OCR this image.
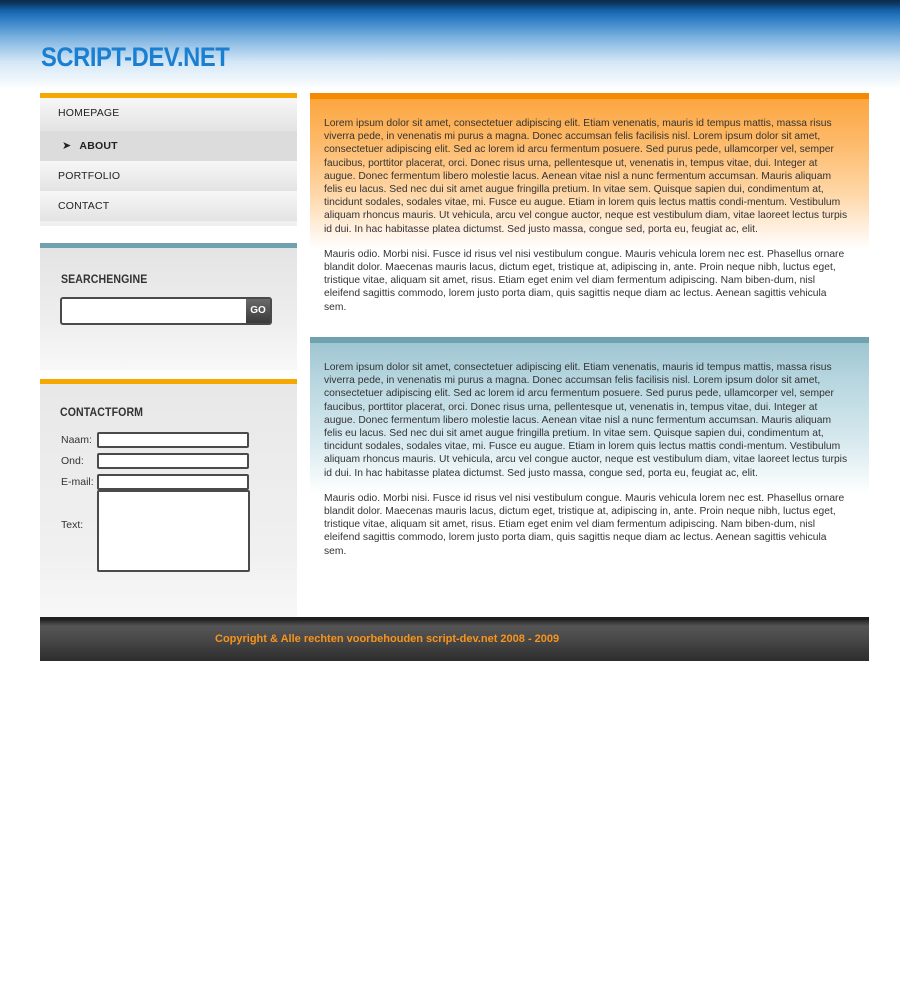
SCRIPT-DEV.NET
HOMEPAGE
➤ ABOUT
PORTFOLIO
CONTACT
SEARCHENGINE
GO
CONTACTFORM
Naam:
Ond:
E-mail:
Text:

Lorem ipsum dolor sit amet, consectetuer adipiscing elit. Etiam venenatis, mauris id tempus mattis, massa risus viverra pede, in venenatis mi purus a magna. Donec accumsan felis facilisis nisl. Lorem ipsum dolor sit amet, consectetuer adipiscing elit. Sed ac lorem id arcu fermentum posuere. Sed purus pede, ullamcorper vel, semper faucibus, porttitor placerat, orci. Donec risus urna, pellentesque ut, venenatis in, tempus vitae, dui. Integer at augue. Donec fermentum libero molestie lacus. Aenean vitae nisl a nunc fermentum accumsan. Mauris aliquam felis eu lacus. Sed nec dui sit amet augue fringilla pretium. In vitae sem. Quisque sapien dui, condimentum at, tincidunt sodales, sodales vitae, mi. Fusce eu augue. Etiam in lorem quis lectus mattis condi-mentum. Vestibulum aliquam rhoncus mauris. Ut vehicula, arcu vel congue auctor, neque est vestibulum diam, vitae laoreet lectus turpis id dui. In hac habitasse platea dictumst. Sed justo massa, congue sed, porta eu, feugiat ac, elit.

Mauris odio. Morbi nisi. Fusce id risus vel nisi vestibulum congue. Mauris vehicula lorem nec est. Phasellus ornare blandit dolor. Maecenas mauris lacus, dictum eget, tristique at, adipiscing in, ante. Proin neque nibh, luctus eget, tristique vitae, aliquam sit amet, risus. Etiam eget enim vel diam fermentum adipiscing. Nam biben-dum, nisl eleifend sagittis commodo, lorem justo porta diam, quis sagittis neque diam ac lectus. Aenean sagittis vehicula sem.

Lorem ipsum dolor sit amet, consectetuer adipiscing elit. Etiam venenatis, mauris id tempus mattis, massa risus viverra pede, in venenatis mi purus a magna. Donec accumsan felis facilisis nisl. Lorem ipsum dolor sit amet, consectetuer adipiscing elit. Sed ac lorem id arcu fermentum posuere. Sed purus pede, ullamcorper vel, semper faucibus, porttitor placerat, orci. Donec risus urna, pellentesque ut, venenatis in, tempus vitae, dui. Integer at augue. Donec fermentum libero molestie lacus. Aenean vitae nisl a nunc fermentum accumsan. Mauris aliquam felis eu lacus. Sed nec dui sit amet augue fringilla pretium. In vitae sem. Quisque sapien dui, condimentum at, tincidunt sodales, sodales vitae, mi. Fusce eu augue. Etiam in lorem quis lectus mattis condi-mentum. Vestibulum aliquam rhoncus mauris. Ut vehicula, arcu vel congue auctor, neque est vestibulum diam, vitae laoreet lectus turpis id dui. In hac habitasse platea dictumst. Sed justo massa, congue sed, porta eu, feugiat ac, elit.

Mauris odio. Morbi nisi. Fusce id risus vel nisi vestibulum congue. Mauris vehicula lorem nec est. Phasellus ornare blandit dolor. Maecenas mauris lacus, dictum eget, tristique at, adipiscing in, ante. Proin neque nibh, luctus eget, tristique vitae, aliquam sit amet, risus. Etiam eget enim vel diam fermentum adipiscing. Nam biben-dum, nisl eleifend sagittis commodo, lorem justo porta diam, quis sagittis neque diam ac lectus. Aenean sagittis vehicula sem.

Copyright & Alle rechten voorbehouden script-dev.net 2008 - 2009
